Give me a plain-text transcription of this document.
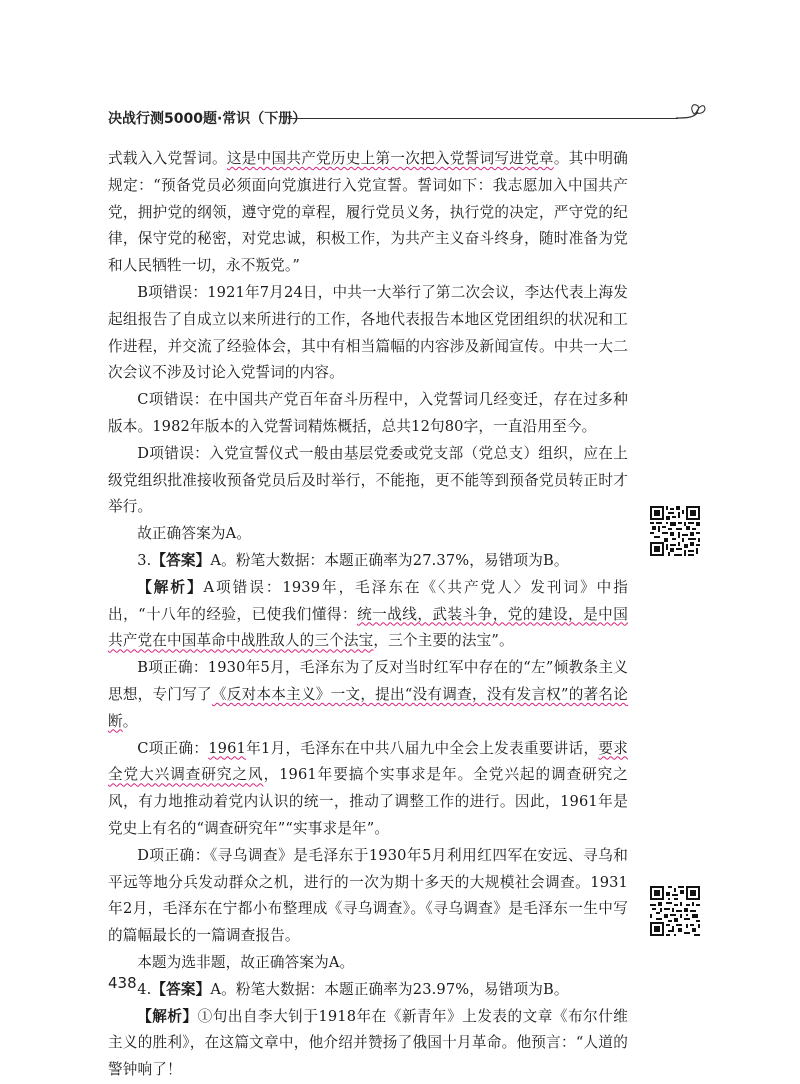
决战行测5000题·常识（下册）

式载入入党誓词。这是中国共产党历史上第一次把入党誓词写进党章。其中明确规定：“预备党员必须面向党旗进行入党宣誓。誓词如下：我志愿加入中国共产党，拥护党的纲领，遵守党的章程，履行党员义务，执行党的决定，严守党的纪律，保守党的秘密，对党忠诚，积极工作，为共产主义奋斗终身，随时准备为党和人民牺牲一切，永不叛党。”

B项错误：1921年7月24日，中共一大举行了第二次会议，李达代表上海发起组报告了自成立以来所进行的工作，各地代表报告本地区党团组织的状况和工作进程，并交流了经验体会，其中有相当篇幅的内容涉及新闻宣传。中共一大二次会议不涉及讨论入党誓词的内容。

C项错误：在中国共产党百年奋斗历程中，入党誓词几经变迁，存在过多种版本。1982年版本的入党誓词精炼概括，总共12句80字，一直沿用至今。

D项错误：入党宣誓仪式一般由基层党委或党支部（党总支）组织，应在上级党组织批准接收预备党员后及时举行，不能拖，更不能等到预备党员转正时才举行。

故正确答案为A。

3.【答案】A。粉笔大数据：本题正确率为27.37%，易错项为B。

【解析】A项错误：1939年，毛泽东在《〈共产党人〉发刊词》中指出，“十八年的经验，已使我们懂得：统一战线，武装斗争，党的建设，是中国共产党在中国革命中战胜敌人的三个法宝，三个主要的法宝”。

B项正确：1930年5月，毛泽东为了反对当时红军中存在的“左”倾教条主义思想，专门写了《反对本本主义》一文，提出“没有调查，没有发言权”的著名论断。

C项正确：1961年1月，毛泽东在中共八届九中全会上发表重要讲话，要求全党大兴调查研究之风，1961年要搞个实事求是年。全党兴起的调查研究之风，有力地推动着党内认识的统一，推动了调整工作的进行。因此，1961年是党史上有名的“调查研究年”“实事求是年”。

D项正确：《寻乌调查》是毛泽东于1930年5月利用红四军在安远、寻乌和平远等地分兵发动群众之机，进行的一次为期十多天的大规模社会调查。1931年2月，毛泽东在宁都小布整理成《寻乌调查》。《寻乌调查》是毛泽东一生中写的篇幅最长的一篇调查报告。

本题为选非题，故正确答案为A。

4.【答案】A。粉笔大数据：本题正确率为23.97%，易错项为B。

【解析】①句出自李大钊于1918年在《新青年》上发表的文章《布尔什维主义的胜利》，在这篇文章中，他介绍并赞扬了俄国十月革命。他预言：“人道的警钟响了！

438
